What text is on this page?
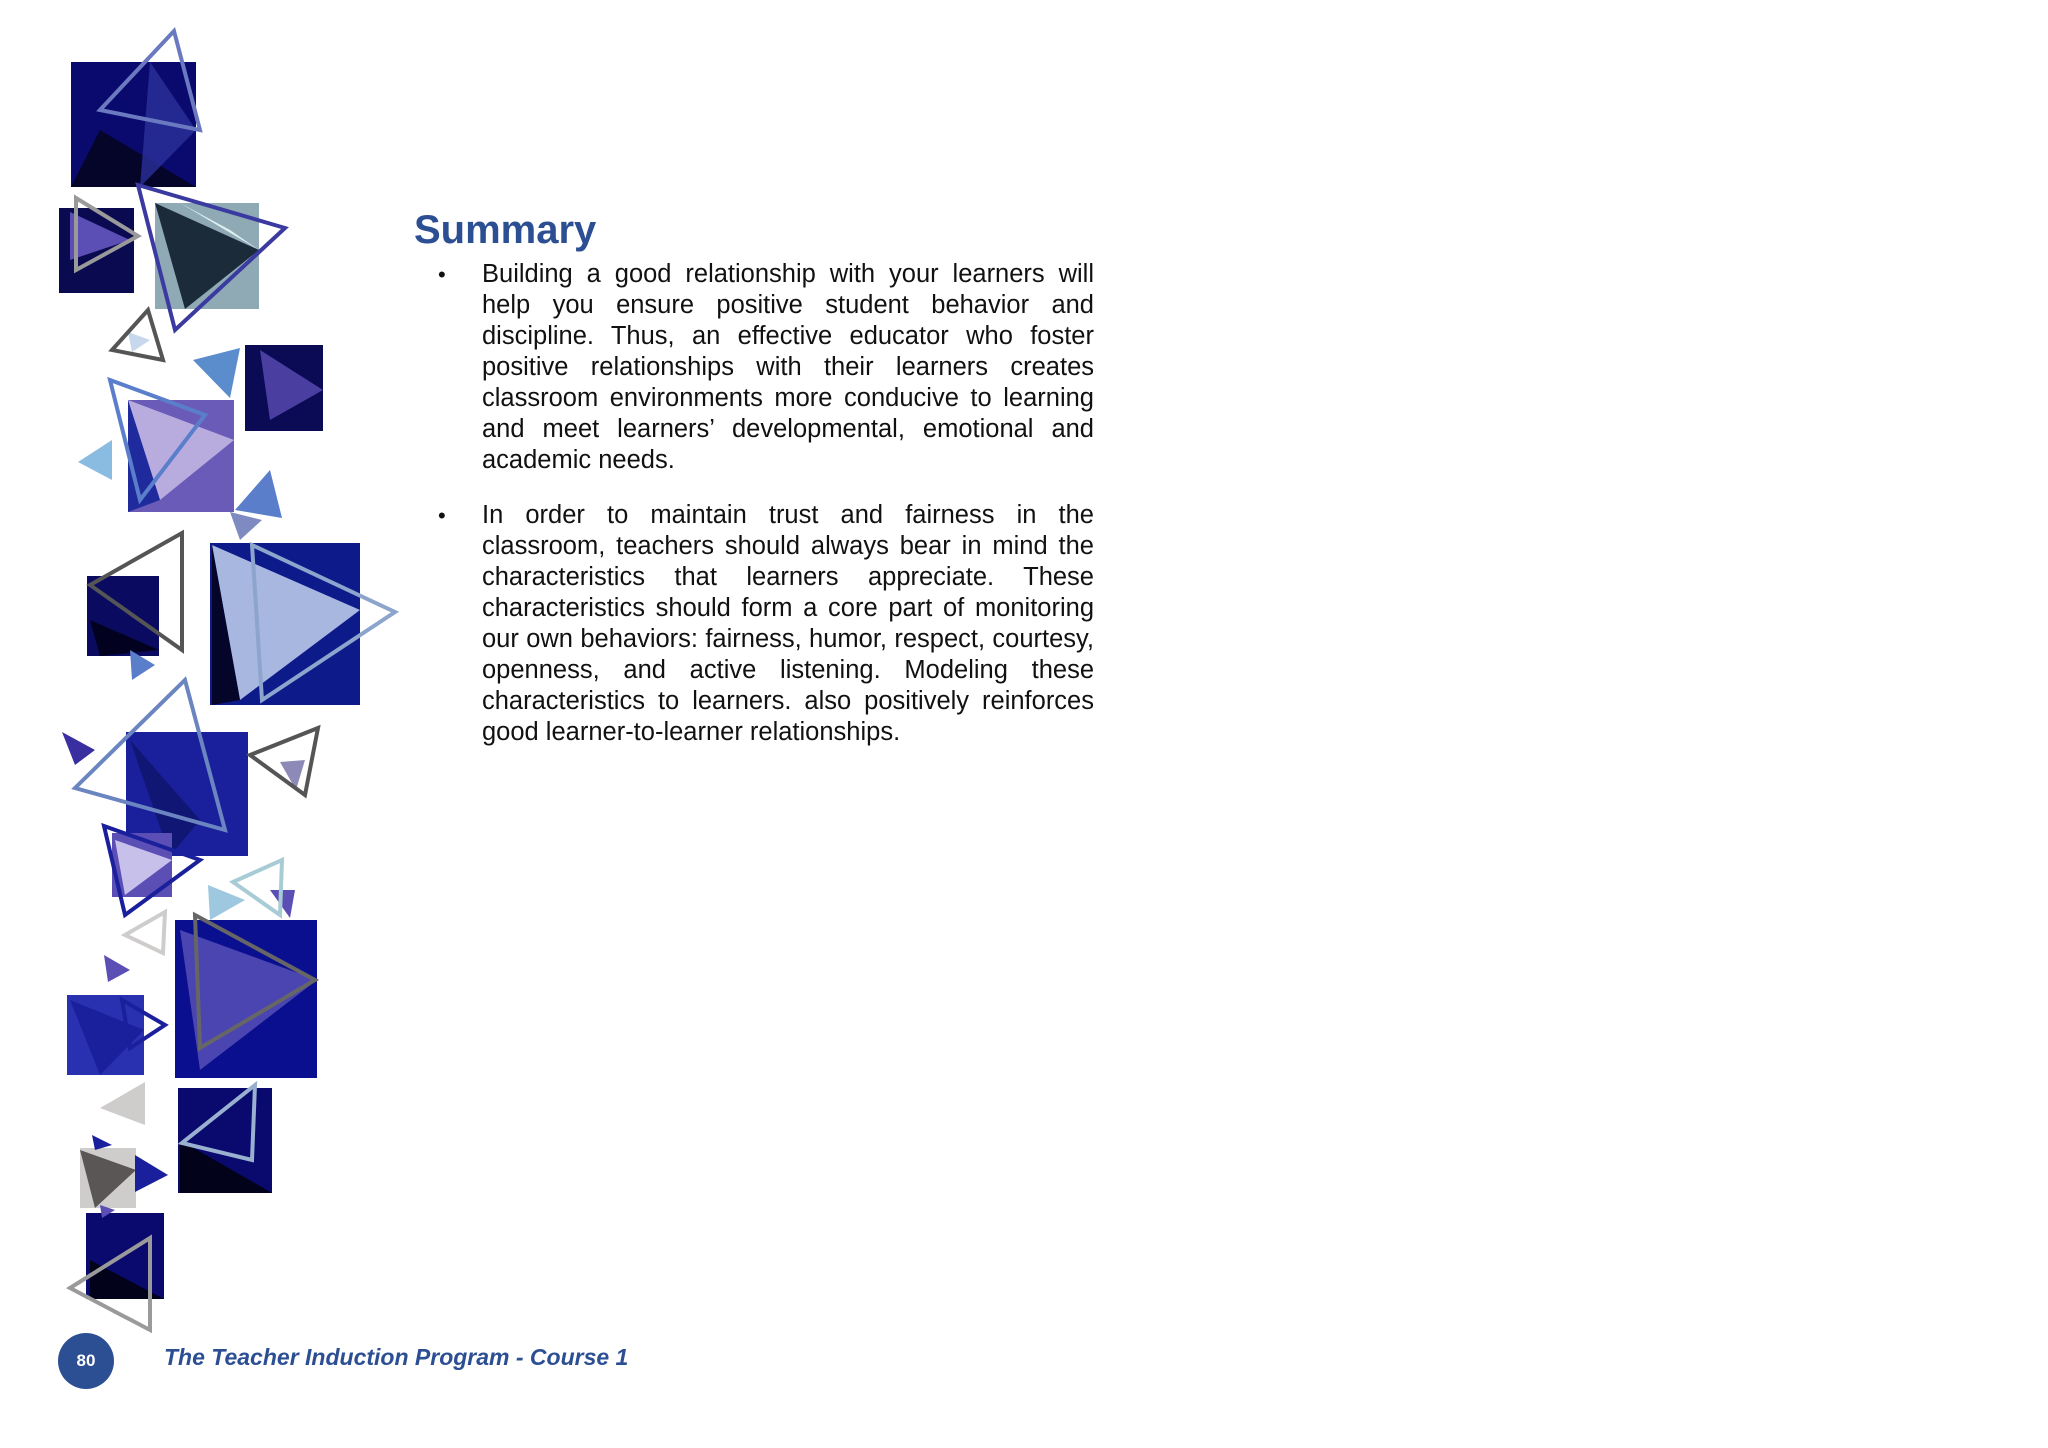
Summary
• Building a good relationship with your learners will help you ensure positive student behavior and discipline. Thus, an effective educator who foster positive relationships with their learners creates classroom environments more conducive to learning and meet learners’ developmental, emotional and academic needs.
• In order to maintain trust and fairness in the classroom, teachers should always bear in mind the characteristics that learners appreciate. These characteristics should form a core part of monitoring our own behaviors: fairness, humor, respect, courtesy, openness, and active listening. Modeling these characteristics to learners. also positively reinforces good learner-to-learner relationships.
80	The Teacher Induction Program - Course 1
